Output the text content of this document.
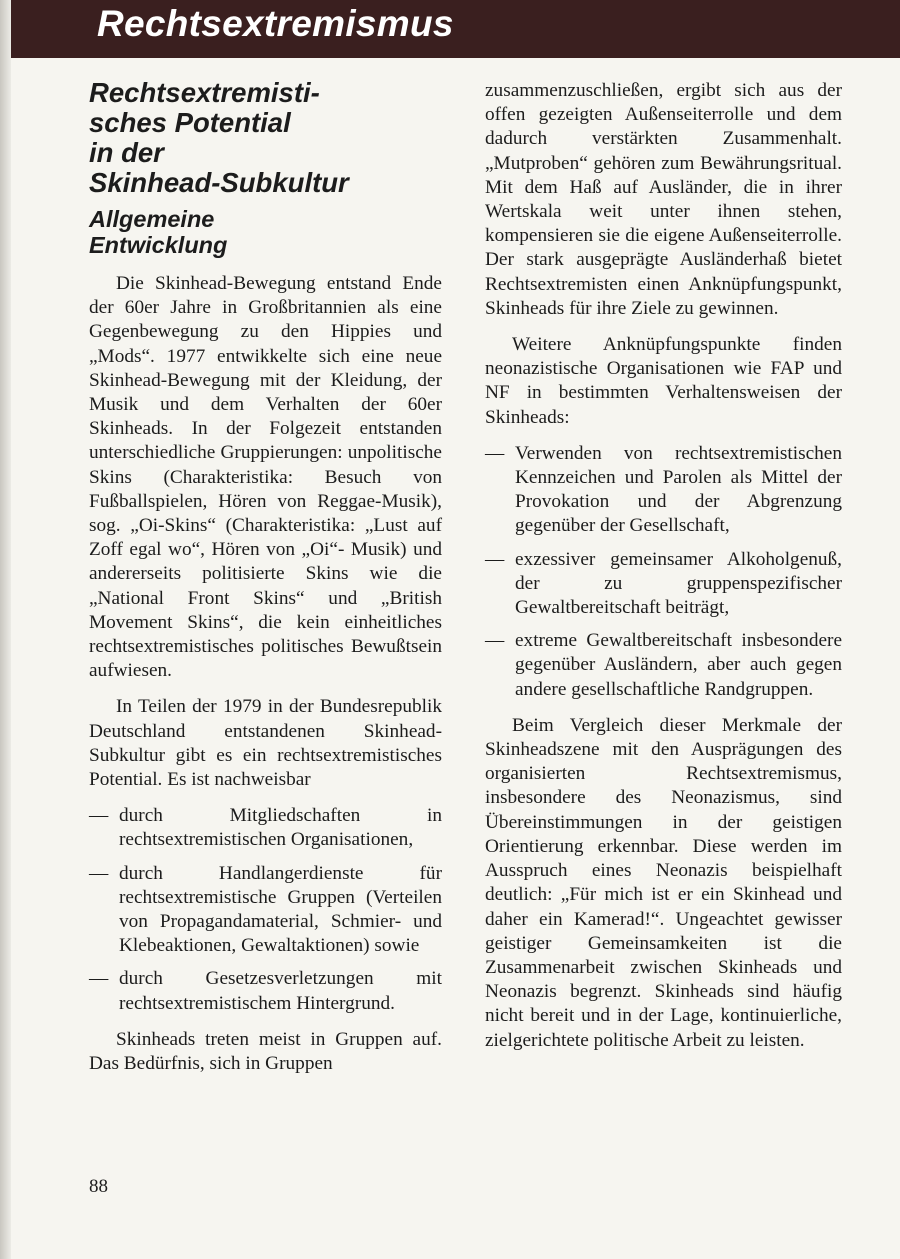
Rechtsextremismus
Rechtsextremisti-
sches Potential
in der
Skinhead-Subkultur
Allgemeine
Entwicklung

Die Skinhead-Bewegung entstand Ende der 60er Jahre in Großbritannien als eine Gegenbewegung zu den Hippies und „Mods“. 1977 entwikkelte sich eine neue Skinhead-Bewegung mit der Kleidung, der Musik und dem Verhalten der 60er Skinheads. In der Folgezeit entstanden unterschiedliche Gruppierungen: unpolitische Skins (Charakteristika: Besuch von Fußballspielen, Hören von Reggae-Musik), sog. „Oi-Skins“ (Charakteristika: „Lust auf Zoff egal wo“, Hören von „Oi“- Musik) und andererseits politisierte Skins wie die „National Front Skins“ und „British Movement Skins“, die kein einheitliches rechtsextremistisches politisches Bewußtsein aufwiesen.

In Teilen der 1979 in der Bundesrepublik Deutschland entstandenen Skinhead-Subkultur gibt es ein rechtsextremistisches Potential. Es ist nachweisbar

— durch Mitgliedschaften in rechtsextremistischen Organisationen,
— durch Handlangerdienste für rechtsextremistische Gruppen (Verteilen von Propagandamaterial, Schmier- und Klebeaktionen, Gewaltaktionen) sowie
— durch Gesetzesverletzungen mit rechtsextremistischem Hintergrund.

Skinheads treten meist in Gruppen auf. Das Bedürfnis, sich in Gruppen

zusammenzuschließen, ergibt sich aus der offen gezeigten Außenseiterrolle und dem dadurch verstärkten Zusammenhalt. „Mutproben“ gehören zum Bewährungsritual. Mit dem Haß auf Ausländer, die in ihrer Wertskala weit unter ihnen stehen, kompensieren sie die eigene Außenseiterrolle. Der stark ausgeprägte Ausländerhaß bietet Rechtsextremisten einen Anknüpfungspunkt, Skinheads für ihre Ziele zu gewinnen.

Weitere Anknüpfungspunkte finden neonazistische Organisationen wie FAP und NF in bestimmten Verhaltensweisen der Skinheads:

— Verwenden von rechtsextremistischen Kennzeichen und Parolen als Mittel der Provokation und der Abgrenzung gegenüber der Gesellschaft,
— exzessiver gemeinsamer Alkoholgenuß, der zu gruppenspezifischer Gewaltbereitschaft beiträgt,
— extreme Gewaltbereitschaft insbesondere gegenüber Ausländern, aber auch gegen andere gesellschaftliche Randgruppen.

Beim Vergleich dieser Merkmale der Skinheadszene mit den Ausprägungen des organisierten Rechtsextremismus, insbesondere des Neonazismus, sind Übereinstimmungen in der geistigen Orientierung erkennbar. Diese werden im Ausspruch eines Neonazis beispielhaft deutlich: „Für mich ist er ein Skinhead und daher ein Kamerad!“. Ungeachtet gewisser geistiger Gemeinsamkeiten ist die Zusammenarbeit zwischen Skinheads und Neonazis begrenzt. Skinheads sind häufig nicht bereit und in der Lage, kontinuierliche, zielgerichtete politische Arbeit zu leisten.

88
